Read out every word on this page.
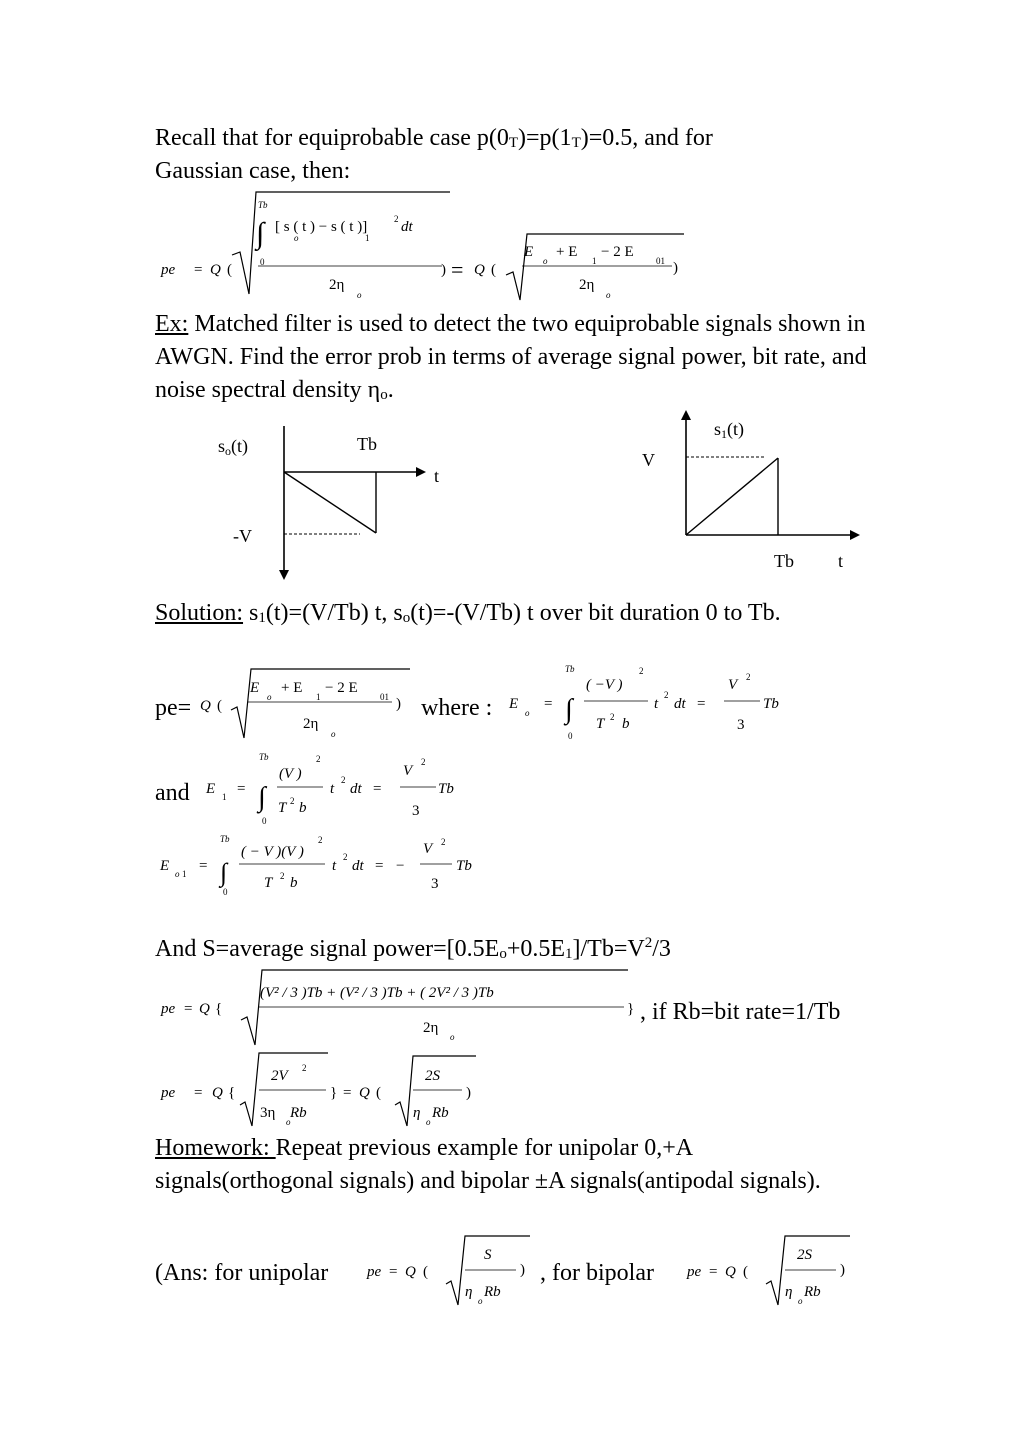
Recall that for equiprobable case $p(0_T)=p(1_T)=0.5$, and for
Gaussian case, then:
pe = Q (
Tb
∫ [ s ( t ) − s ( t )]
o	1
2 dt
0
2η
o
) = Q (
E
o
+ E
1
− 2 E
01
2η
o
)
Ex: Matched filter is used to detect the two equiprobable signals shown in AWGN. Find the error prob in terms of average signal power, bit rate, and noise spectral density $\eta_o$.
so(t)	Tb
t
-V
s1(t)
V
Tb t
Solution: $s_1(t)=(V/Tb)$ t, $s_o(t)=-(V/Tb)$ t over bit duration 0 to Tb.
pe=	where :
and
Q (
E
o
+ E
1
− 2 E
01
2η
o
)	E
o
=
Tb
∫
0
( −V )
2
T 2 b
t
2
dt =
V 2
3
Tb
E 1 =
Tb
∫
0
(V )
2
T 2 b
t
2
dt =
V
2
3
Tb
E o 1 =
Tb
∫
0
( − V )(V )
2
T 2 b
t
2
dt = −
V 2
3
Tb
And S=average signal $power=[0.5E_o+0.5E_1]/Tb=V^2/3$
, if Rb=bit rate=1/Tb
pe = Q {
(V² / 3 )Tb + (V² / 3 )Tb + ( 2V² / 3 )Tb
2η
o
}
pe = Q {
2V 2
3η
o
Rb
} = Q (
2S
η
o
Rb
)
Homework: Repeat previous example for unipolar 0,+A signals(orthogonal signals) and bipolar ±A signals(antipodal signals).
(Ans: for unipolar	, for bipolar
pe = Q (
S
η
o
Rb
)	pe = Q (
2S
η
o
Rb
)
